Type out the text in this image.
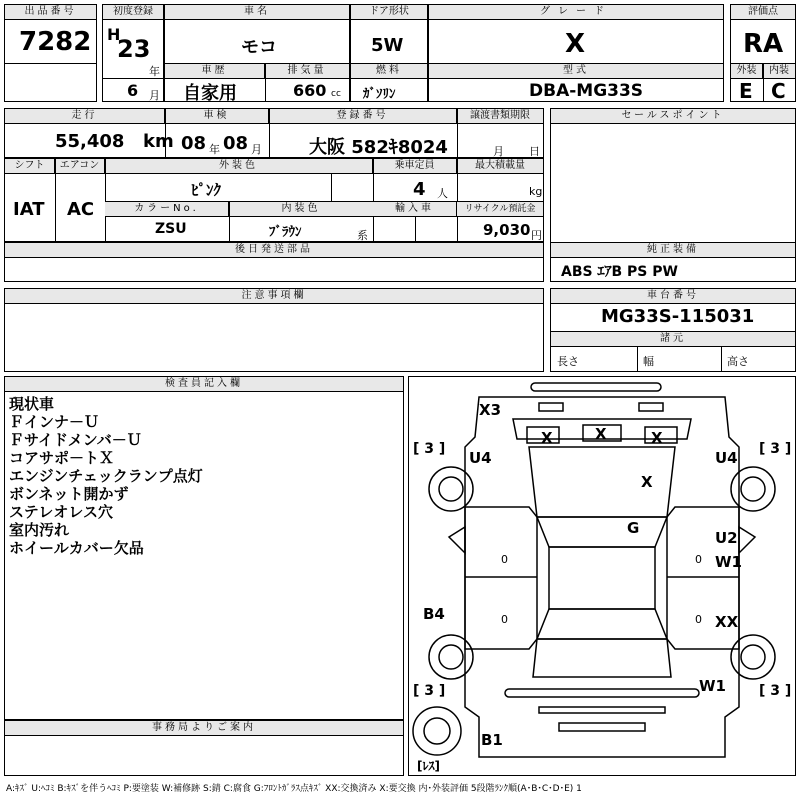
出品番号
7282
初度登録
H
23
年
6 月
車名
モコ
車歴	排気量
自家用	660 cc
ドア形状
5W
燃料
ｶﾞｿﾘﾝ
グレード
X
型式
DBA-MG33S
評価点
RA
外装	内装
E C
走行	車検	登録番号	譲渡書類期限
55,408 km 08 年 08 月	大阪 582ｷ8024	月 日
セールスポイント
シフト	エアコン	外装色	乗車定員	最大積載量
IAT AC
ﾋﾟﾝｸ	4 人	kg
カラーNo.	内装色	輸入車	リサイクル預託金
ZSU	ﾌﾞﾗｳﾝ	系	9,030 円
後日発送部品	純正装備
ABS ｴｱB PS PW
注意事項欄	車台番号
MG33S-115031
諸元
長さ	幅	高さ
検査員記入欄
現状車
Ｆインナ－Ｕ
Ｆサイドメンバ－Ｕ
コアサポ－トＸ
エンジンチェックランプ点灯
ボンネット開かず
ステレオレス穴
室内汚れ
ホイールカバー欠品
事務局よりご案内
X3
X	X	X
X
G
U4	U4
U2
W1
XX
W1
B4
B1
0	0
0	0
[ 3 ]	[ 3 ]
[ 3 ]	[ 3 ]
[ﾚｽ]
A:ｷｽﾞ U:ﾍｺﾐ B:ｷｽﾞを伴うﾍｺﾐ P:要塗装 W:補修跡 S:錆 C:腐食 G:ﾌﾛﾝﾄｶﾞﾗｽ点ｷｽﾞ XX:交換済み X:要交換 内･外装評価 5段階ﾗﾝｸ順(A･B･C･D･E) 1
